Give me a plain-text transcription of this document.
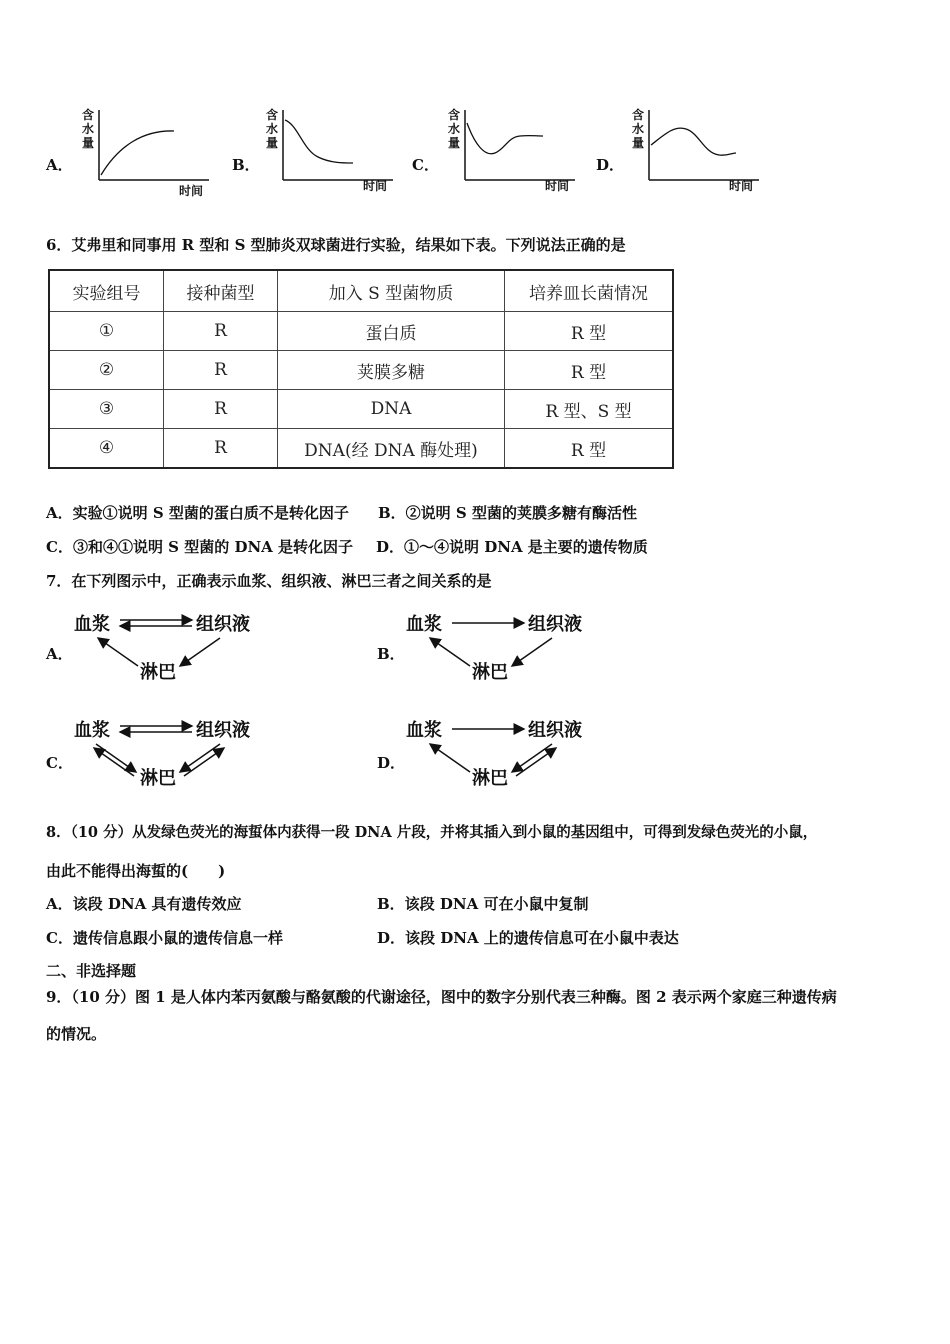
A．
含
水
量
时间
B．
含
水
量
时间
C．
含
水
量
时间
D．
含
水
量
时间
6．艾弗里和同事用 R 型和 S 型肺炎双球菌进行实验，结果如下表。下列说法正确的是
实验组号	接种菌型	加入 S 型菌物质	培养皿长菌情况
①	R	蛋白质	R 型
②	R	荚膜多糖	R 型
③	R	DNA	R 型、S 型
④	R	DNA(经 DNA 酶处理)	R 型
A．实验①说明 S 型菌的蛋白质不是转化因子 B．②说明 S 型菌的荚膜多糖有酶活性
C．③和④①说明 S 型菌的 DNA 是转化因子 D．①～④说明 DNA 是主要的遗传物质
7．在下列图示中，正确表示血浆、组织液、淋巴三者之间关系的是
A．
血浆	组织液
淋巴
B．
血浆	组织液
淋巴
C．
血浆	组织液
淋巴
D．
血浆	组织液
淋巴
8．（10 分）从发绿色荧光的海蜇体内获得一段 DNA 片段，并将其插入到小鼠的基因组中，可得到发绿色荧光的小鼠，
由此不能得出海蜇的(　　)
A．该段 DNA 具有遗传效应	B．该段 DNA 可在小鼠中复制
C．遗传信息跟小鼠的遗传信息一样	D．该段 DNA 上的遗传信息可在小鼠中表达
二、非选择题
9．（10 分）图 1 是人体内苯丙氨酸与酪氨酸的代谢途径，图中的数字分别代表三种酶。图 2 表示两个家庭三种遗传病
的情况。
